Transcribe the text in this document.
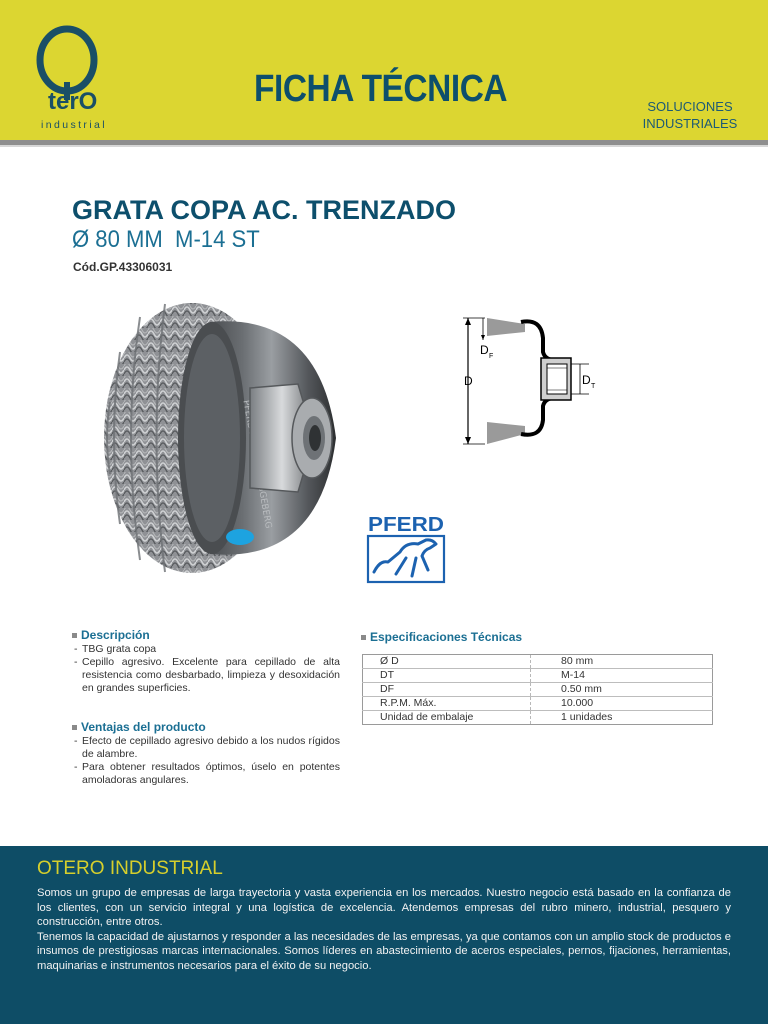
terO
industrial
FICHA TÉCNICA	SOLUCIONES
INDUSTRIALES
GRATA COPA AC. TRENZADO
Ø 80 MM  M-14 ST
Cód.GP.43306031
PFERD RÜGGEBERG
D
D F
D T
PFERD
Descripción
- TBG grata copa
- Cepillo agresivo. Excelente para cepillado de alta resistencia como desbarbado, limpieza y desoxidación en grandes superficies.
Ventajas del producto
- Efecto de cepillado agresivo debido a los nudos rígidos de alambre.
- Para obtener resultados óptimos, úselo en potentes amoladoras angulares.
Especificaciones Técnicas
Ø D	80 mm
DT	M-14
DF	0.50 mm
R.P.M. Máx.	10.000
Unidad de embalaje	1 unidades
OTERO INDUSTRIAL

Somos un grupo de empresas de larga trayectoria y vasta experiencia en los mercados. Nuestro negocio está basado en la confianza de los clientes, con un servicio integral y una logística de excelencia. Atendemos empresas del rubro minero, industrial, pesquero y construcción, entre otros.

Tenemos la capacidad de ajustarnos y responder a las necesidades de las empresas, ya que contamos con un amplio stock de productos e insumos de prestigiosas marcas internacionales. Somos líderes en abastecimiento de aceros especiales, pernos, fijaciones, herramientas, maquinarias e instrumentos necesarios para el éxito de su negocio.
